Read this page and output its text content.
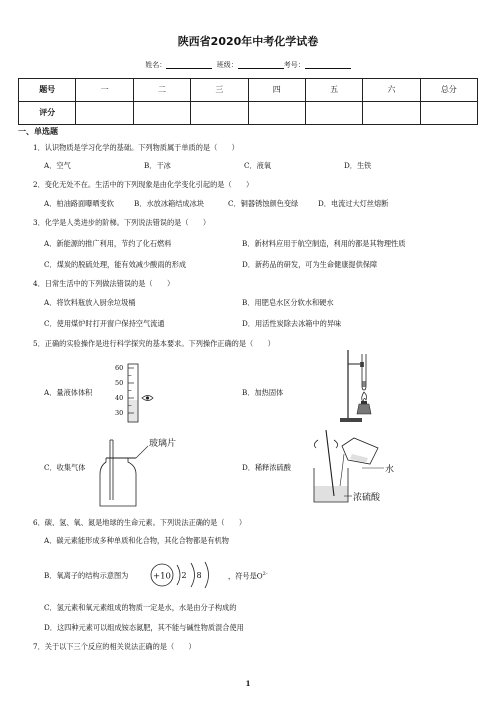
陕西省2020年中考化学试卷
姓名：	班级：	考号：
题号	一	二	三	四	五	六	总分
评分							
一、单选题
1．认识物质是学习化学的基础。下列物质属于单质的是（　　）
A．空气	B．干冰	C．液氧	D．生铁
2．变化无处不在。生活中的下列现象是由化学变化引起的是（　　）
A．柏油路面曝晒变软	B．水放冰箱结成冰块	C．铜器锈蚀颜色变绿	D．电流过大灯丝熔断
3．化学是人类进步的阶梯。下列说法错误的是（　　）
A．新能源的推广利用，节约了化石燃料	B．新材料应用于航空制造，利用的都是其物理性质
C．煤炭的脱硫处理，能有效减少酸雨的形成	D．新药品的研发，可为生命健康提供保障
4．日常生活中的下列做法错误的是（　　）
A．将饮料瓶放入厨余垃圾桶	B．用肥皂水区分软水和硬水
C．使用煤炉时打开窗户保持空气流通	D．用活性炭除去冰箱中的异味
5．正确的实验操作是进行科学探究的基本要求。下列操作正确的是（　　）
A．量液体体积	B．加热固体
C．收集气体	D．稀释浓硫酸
60
50
40
30
玻璃片
水
浓硫酸
6．碳、氢、氧、氮是地球的生命元素。下列说法正确的是（　　）
A．碳元素能形成多种单质和化合物，其化合物都是有机物
B．氧离子的结构示意图为	+10 2 8	，符号是$O^{2-}$
C．氢元素和氧元素组成的物质一定是水，水是由分子构成的
D．这四种元素可以组成铵态氮肥，其不能与碱性物质混合使用
7．关于以下三个反应的相关说法正确的是（　　）
1
